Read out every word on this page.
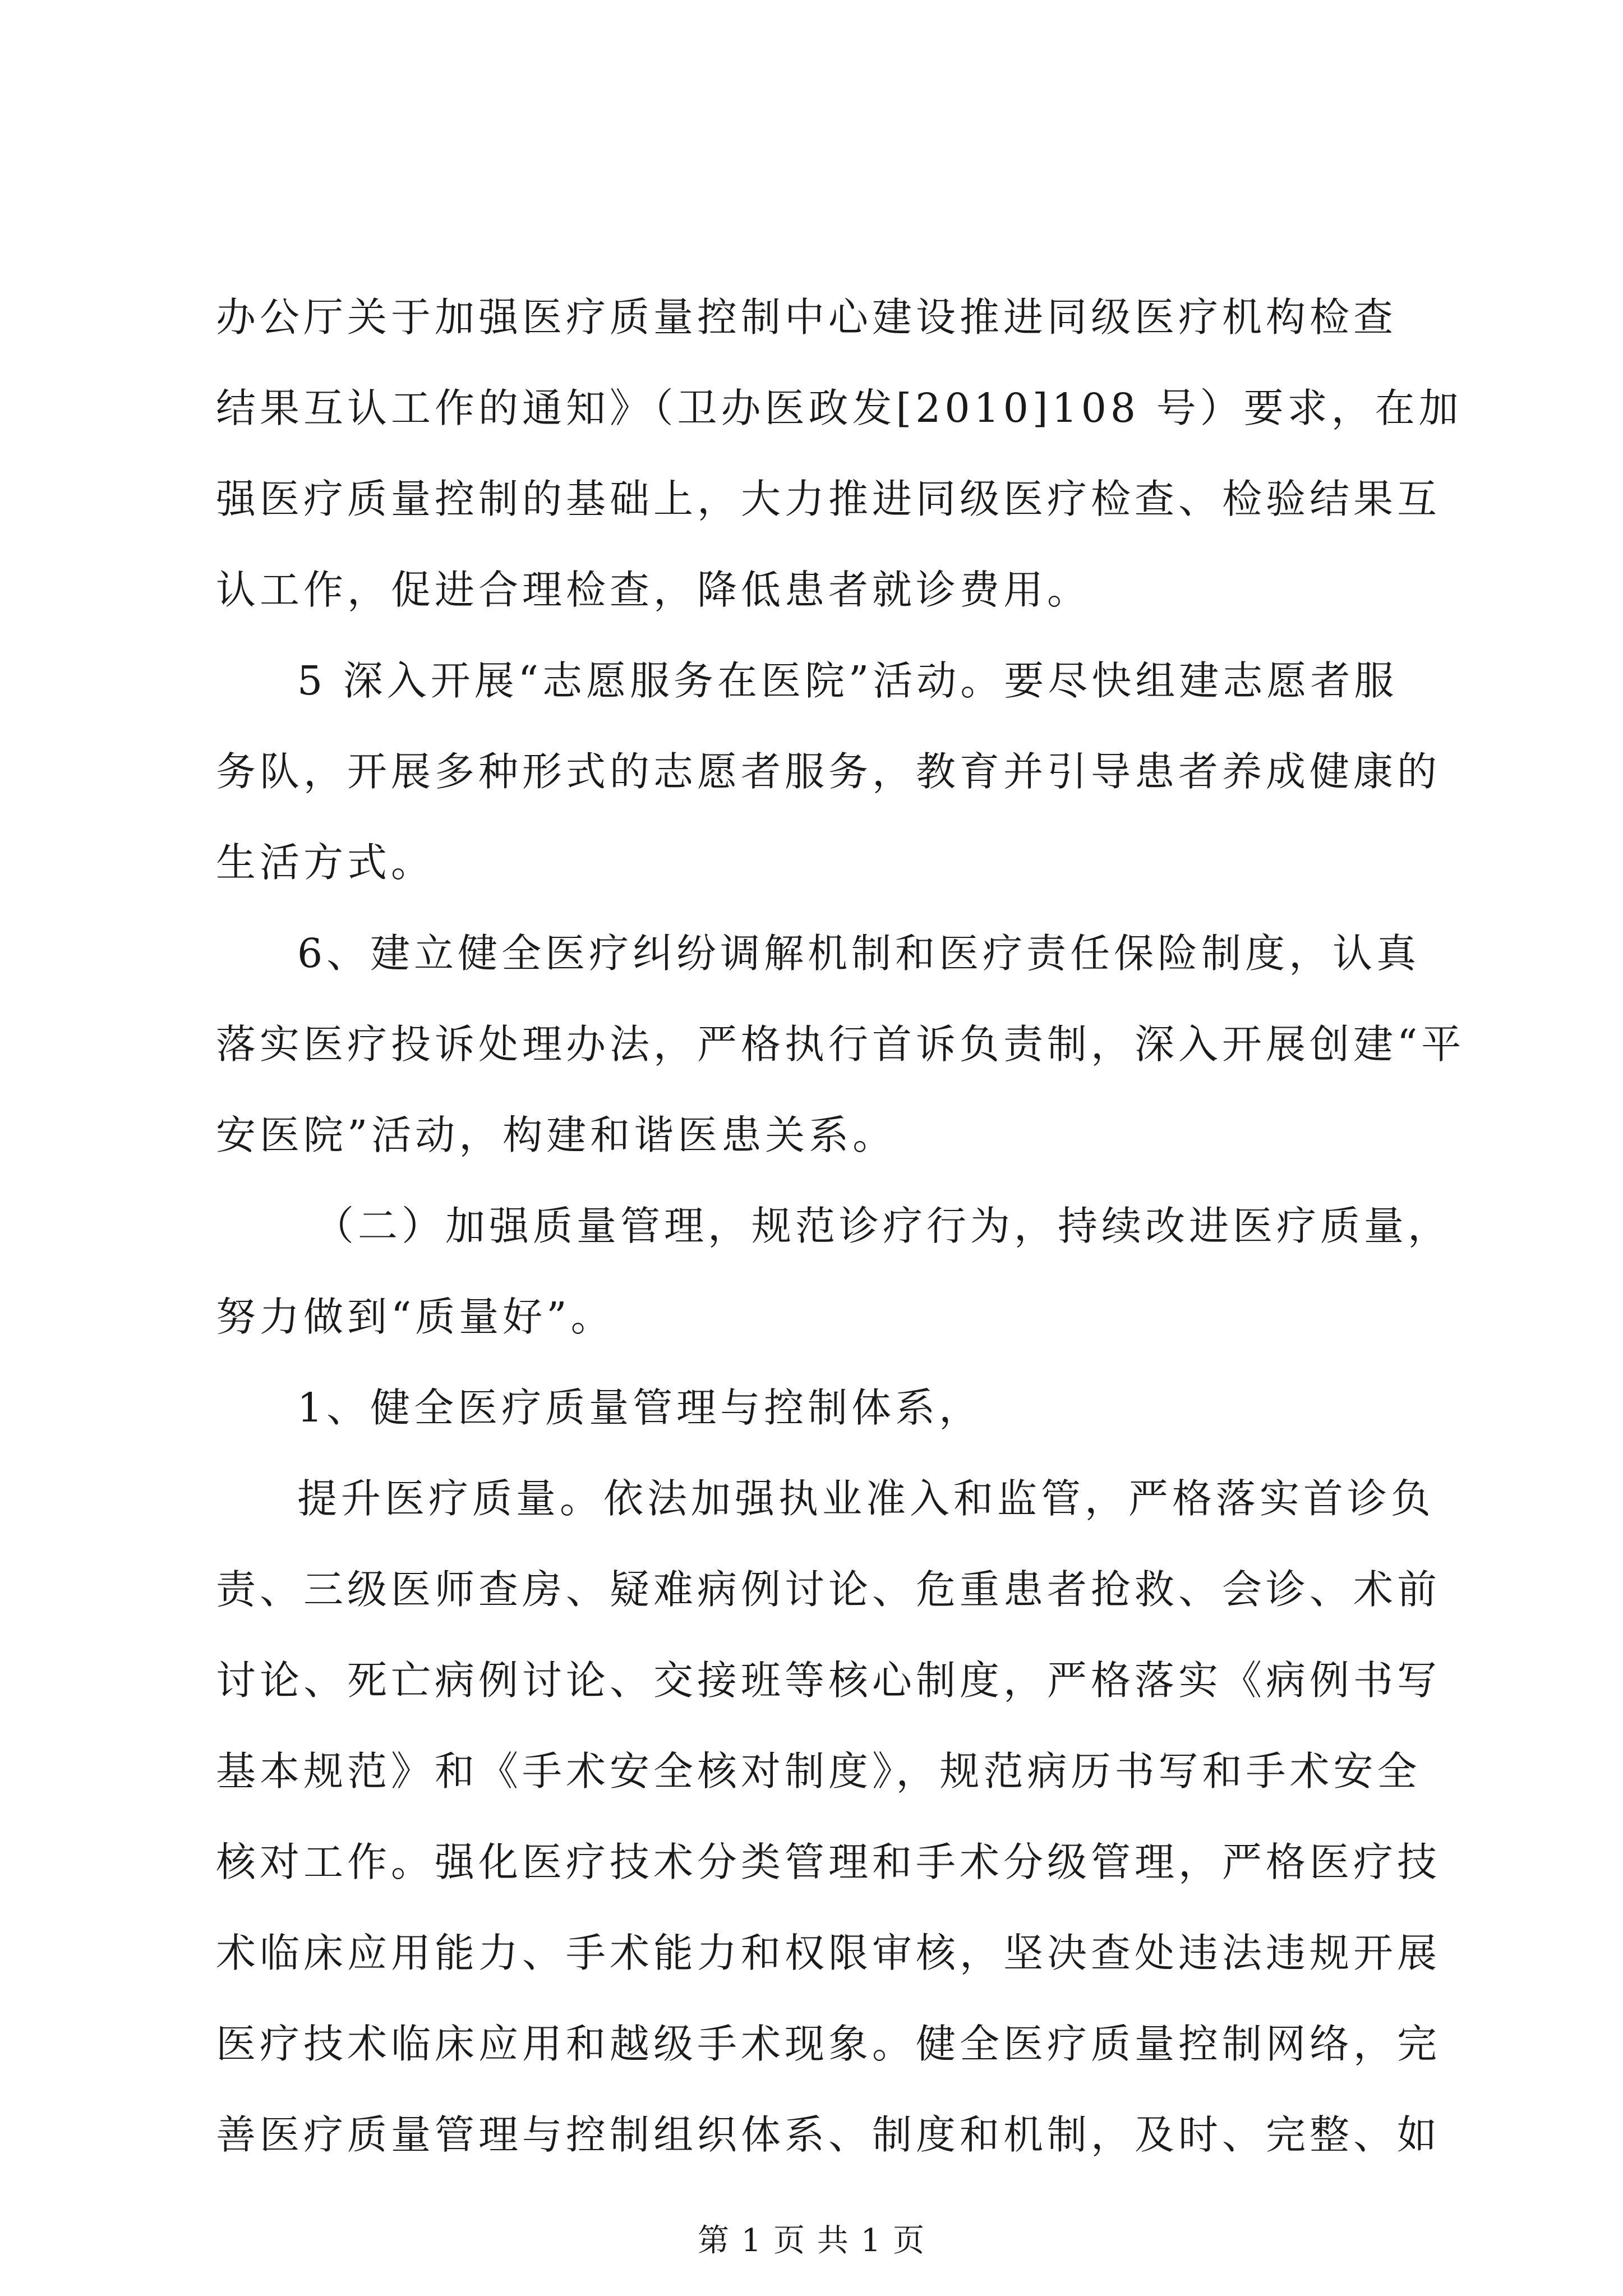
办公厅关于加强医疗质量控制中心建设推进同级医疗机构检查
结果互认工作的通知》（卫办医政发[2010]108 号）要求，在加
强医疗质量控制的基础上，大力推进同级医疗检查、检验结果互
认工作，促进合理检查，降低患者就诊费用。
5 深入开展“志愿服务在医院”活动。要尽快组建志愿者服
务队，开展多种形式的志愿者服务，教育并引导患者养成健康的
生活方式。
6、建立健全医疗纠纷调解机制和医疗责任保险制度，认真
落实医疗投诉处理办法，严格执行首诉负责制，深入开展创建“平
安医院”活动，构建和谐医患关系。
（二）加强质量管理，规范诊疗行为，持续改进医疗质量，
努力做到“质量好”。
1、健全医疗质量管理与控制体系，
提升医疗质量。依法加强执业准入和监管，严格落实首诊负
责、三级医师查房、疑难病例讨论、危重患者抢救、会诊、术前
讨论、死亡病例讨论、交接班等核心制度，严格落实《病例书写
基本规范》和《手术安全核对制度》，规范病历书写和手术安全
核对工作。强化医疗技术分类管理和手术分级管理，严格医疗技
术临床应用能力、手术能力和权限审核，坚决查处违法违规开展
医疗技术临床应用和越级手术现象。健全医疗质量控制网络，完
善医疗质量管理与控制组织体系、制度和机制，及时、完整、如
第 1 页 共 1 页
